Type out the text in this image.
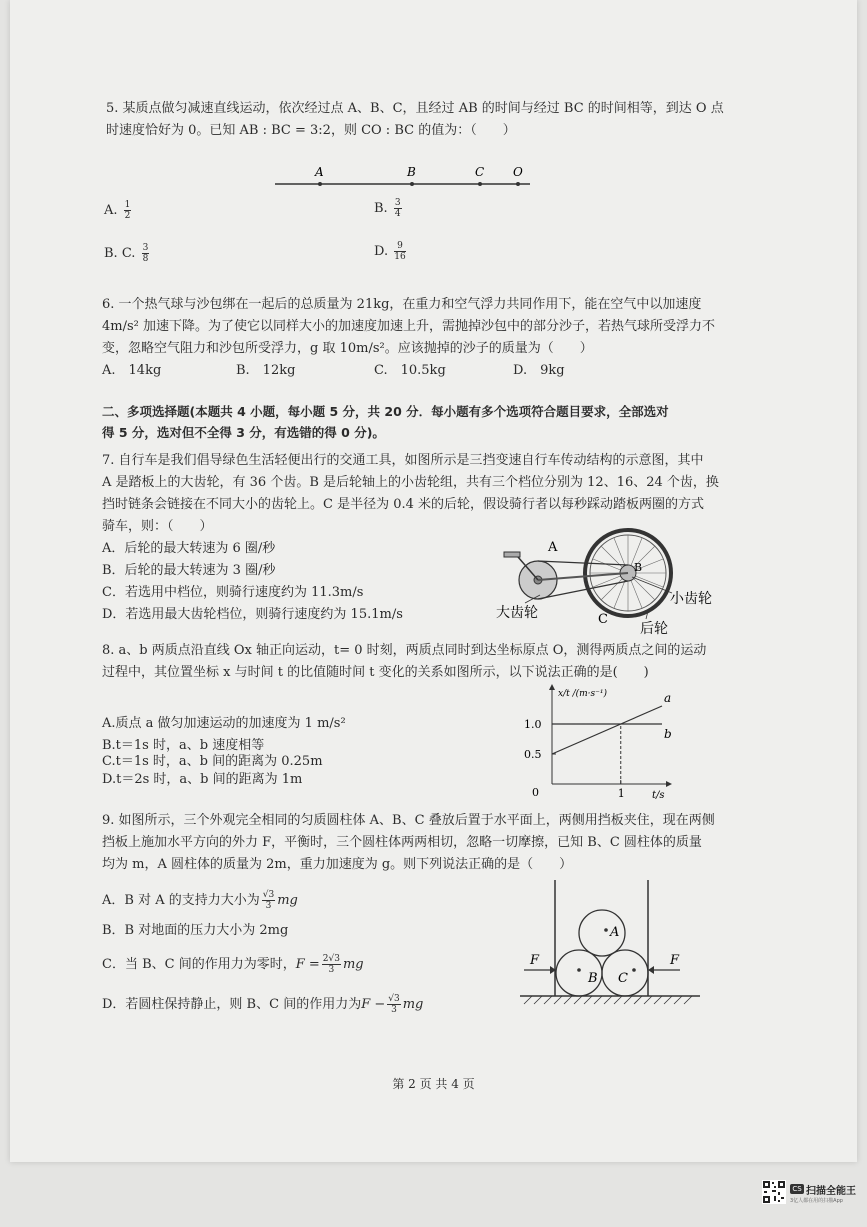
5. 某质点做匀减速直线运动，依次经过点 A、B、C，且经过 AB 的时间与经过 BC 的时间相等，到达 O 点
时速度恰好为 0。已知 AB : BC = 3:2，则 CO : BC 的值为：（　　）
A	B	C O
A. $\frac{1}{2}$	B. $\frac{3}{4}$
B. C. $\frac{3}{8}$	D. $\frac{9}{16}$
6. 一个热气球与沙包绑在一起后的总质量为 21kg，在重力和空气浮力共同作用下，能在空气中以加速度
4m/s² 加速下降。为了使它以同样大小的加速度加速上升，需抛掉沙包中的部分沙子，若热气球所受浮力不
变，忽略空气阻力和沙包所受浮力，g 取 10m/s²。应该抛掉的沙子的质量为（　　）
A.　14kg	B.　12kg	C.　10.5kg	D.　9kg
二、多项选择题(本题共 4 小题，每小题 5 分，共 20 分．每小题有多个选项符合题目要求，全部选对
得 5 分，选对但不全得 3 分，有选错的得 0 分)。
7. 自行车是我们倡导绿色生活轻便出行的交通工具，如图所示是三挡变速自行车传动结构的示意图，其中
A 是踏板上的大齿轮，有 36 个齿。B 是后轮轴上的小齿轮组，共有三个档位分别为 12、16、24 个齿，换
挡时链条会链接在不同大小的齿轮上。C 是半径为 0.4 米的后轮，假设骑行者以每秒踩动踏板两圈的方式
骑车，则：（　　）
A．后轮的最大转速为 6 圈/秒
B．后轮的最大转速为 3 圈/秒
C．若选用中档位，则骑行速度约为 11.3m/s
D．若选用最大齿轮档位，则骑行速度约为 15.1m/s
A
B
C
大齿轮
小齿轮
后轮
8. a、b 两质点沿直线 Ox 轴正向运动，t= 0 时刻，两质点同时到达坐标原点 O，测得两质点之间的运动
过程中，其位置坐标 x 与时间 t 的比值随时间 t 变化的关系如图所示，以下说法正确的是(　　)
A.质点 a 做匀加速运动的加速度为 1 m/s²
B.t＝1s 时，a、b 速度相等
C.t＝1s 时，a、b 间的距离为 0.25m
D.t＝2s 时，a、b 间的距离为 1m
0
x/t /(m·s⁻¹)
t/s
0.5
1.0
1
a
b
9. 如图所示，三个外观完全相同的匀质圆柱体 A、B、C 叠放后置于水平面上，两侧用挡板夹住，现在两侧
挡板上施加水平方向的外力 F，平衡时，三个圆柱体两两相切，忽略一切摩擦，已知 B、C 圆柱体的质量
均为 m，A 圆柱体的质量为 2m，重力加速度为 g。则下列说法正确的是（　　）
A．B 对 A 的支持力大小为 $\frac{√3}{3}$ mg
B．B 对地面的压力大小为 2mg
C．当 B、C 间的作用力为零时，$F = \frac{2√3}{3}$ mg
D．若圆柱保持静止，则 B、C 间的作用力为$F - \frac{√3}{3}$ mg
A
B C
F	F
第 2 页 共 4 页
CS 扫描全能王
3亿人都在用的扫描App
